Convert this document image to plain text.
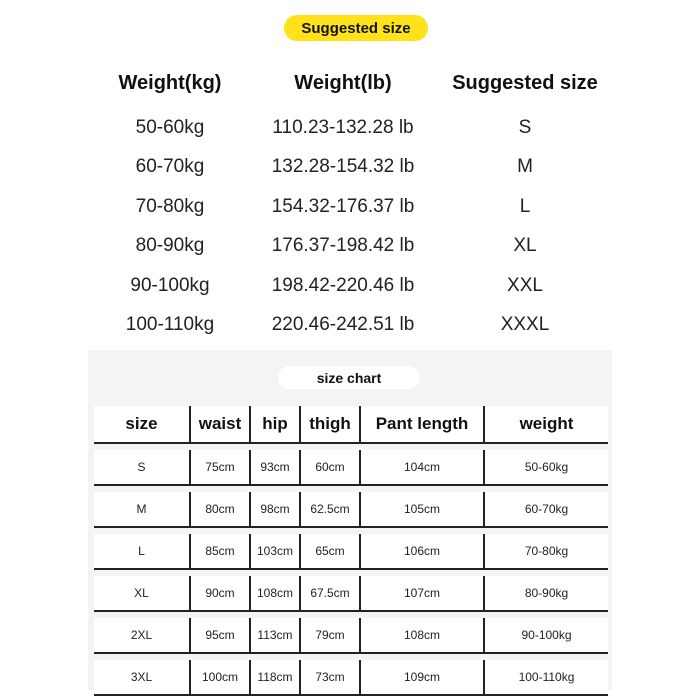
Suggested size
Weight(kg)	Weight(lb)	Suggested size
50-60kg	110.23-132.28 lb	S
60-70kg	132.28-154.32 lb	M
70-80kg	154.32-176.37 lb	L
80-90kg	176.37-198.42 lb	XL
90-100kg	198.42-220.46 lb	XXL
100-110kg	220.46-242.51 lb	XXXL
size chart
size	waist	hip	thigh	Pant length	weight

S	75cm	93cm	60cm	104cm	50-60kg

M	80cm	98cm	62.5cm	105cm	60-70kg

L	85cm	103cm	65cm	106cm	70-80kg

XL	90cm	108cm	67.5cm	107cm	80-90kg

2XL	95cm	113cm	79cm	108cm	90-100kg

3XL	100cm	118cm	73cm	109cm	100-110kg
